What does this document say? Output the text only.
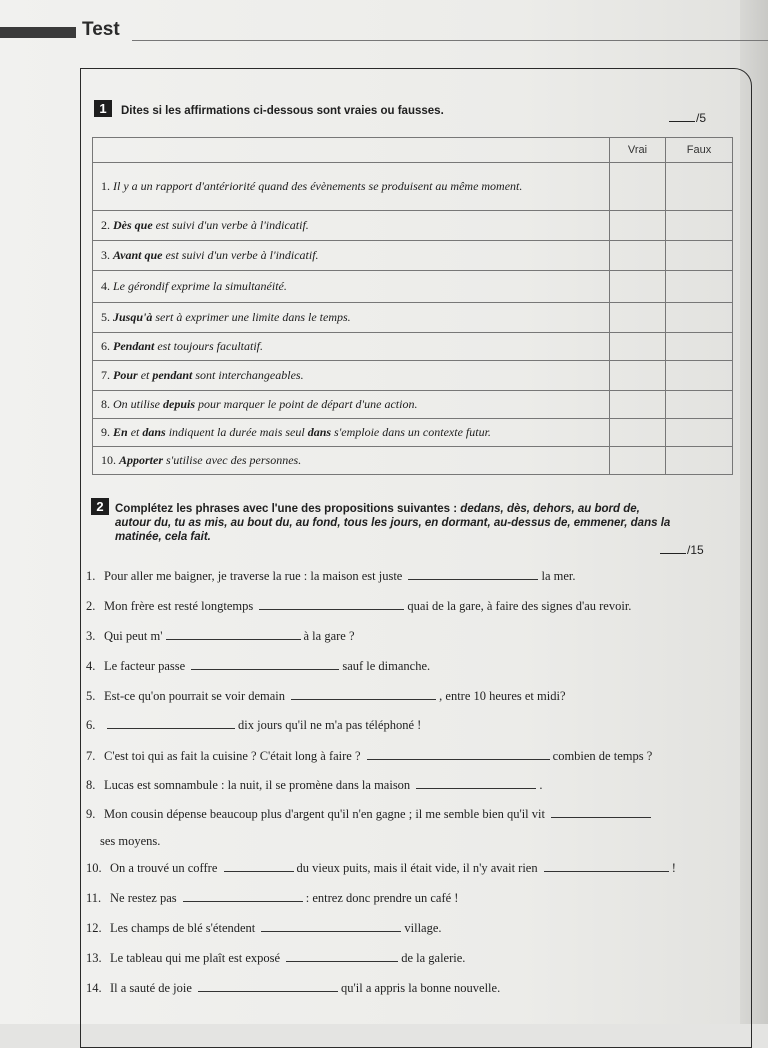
Test
1	Dites si les affirmations ci-dessous sont vraies ou fausses.	/5
	Vrai	Faux
1. Il y a un rapport d'antériorité quand des évènements se produisent au même moment.		
2. Dès que est suivi d'un verbe à l'indicatif.		
3. Avant que est suivi d'un verbe à l'indicatif.		
4. Le gérondif exprime la simultanéité.		
5. Jusqu'à sert à exprimer une limite dans le temps.		
6. Pendant est toujours facultatif.		
7. Pour et pendant sont interchangeables.		
8. On utilise depuis pour marquer le point de départ d'une action.		
9. En et dans indiquent la durée mais seul dans s'emploie dans un contexte futur.		
10. Apporter s'utilise avec des personnes.		
2 Complétez les phrases avec l'une des propositions suivantes : dedans, dès, dehors, au bord de, autour du, tu as mis, au bout du, au fond, tous les jours, en dormant, au-dessus de, emmener, dans la matinée, cela fait.
/15
1. Pour aller me baigner, je traverse la rue : la maison est juste	la mer.
2. Mon frère est resté longtemps	quai de la gare, à faire des signes d'au revoir.
3. Qui peut m'	à la gare ?
4. Le facteur passe	sauf le dimanche.
5. Est-ce qu'on pourrait se voir demain	, entre 10 heures et midi?
6.	dix jours qu'il ne m'a pas téléphoné !
7. C'est toi qui as fait la cuisine ? C'était long à faire ?	combien de temps ?
8. Lucas est somnambule : la nuit, il se promène dans la maison	.
9. Mon cousin dépense beaucoup plus d'argent qu'il n'en gagne ; il me semble bien qu'il vit
ses moyens.
10. On a trouvé un coffre	du vieux puits, mais il était vide, il n'y avait rien	!
11. Ne restez pas	: entrez donc prendre un café !
12. Les champs de blé s'étendent	village.
13. Le tableau qui me plaît est exposé	de la galerie.
14. Il a sauté de joie	qu'il a appris la bonne nouvelle.
